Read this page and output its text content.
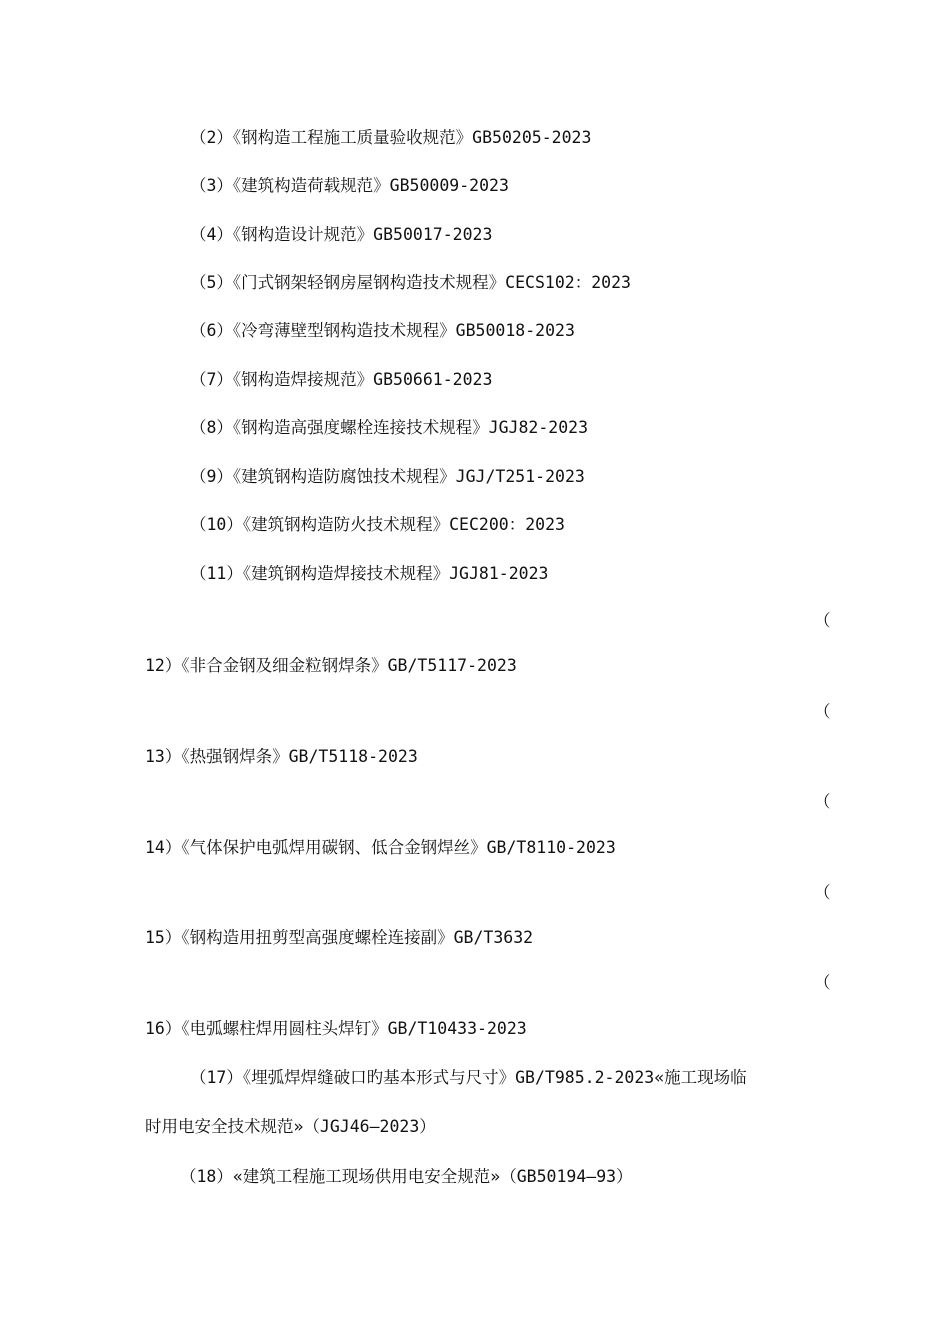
（2）《钢构造工程施工质量验收规范》GB50205-2023
（3）《建筑构造荷载规范》GB50009-2023
（4）《钢构造设计规范》GB50017-2023
（5）《门式钢架轻钢房屋钢构造技术规程》CECS102：2023
（6）《冷弯薄壁型钢构造技术规程》GB50018-2023
（7）《钢构造焊接规范》GB50661-2023
（8）《钢构造高强度螺栓连接技术规程》JGJ82-2023
（9）《建筑钢构造防腐蚀技术规程》JGJ/T251-2023
（10）《建筑钢构造防火技术规程》CEC200：2023
（11）《建筑钢构造焊接技术规程》JGJ81-2023
（
12）《非合金钢及细金粒钢焊条》GB/T5117-2023
（
13）《热强钢焊条》GB/T5118-2023
（
14）《气体保护电弧焊用碳钢、低合金钢焊丝》GB/T8110-2023
（
15）《钢构造用扭剪型高强度螺栓连接副》GB/T3632
（
16）《电弧螺柱焊用圆柱头焊钉》GB/T10433-2023
（17）《埋弧焊焊缝破口旳基本形式与尺寸》GB/T985.2-2023«施工现场临
时用电安全技术规范»（JGJ46—2023）
（18）«建筑工程施工现场供用电安全规范»（GB50194—93）
